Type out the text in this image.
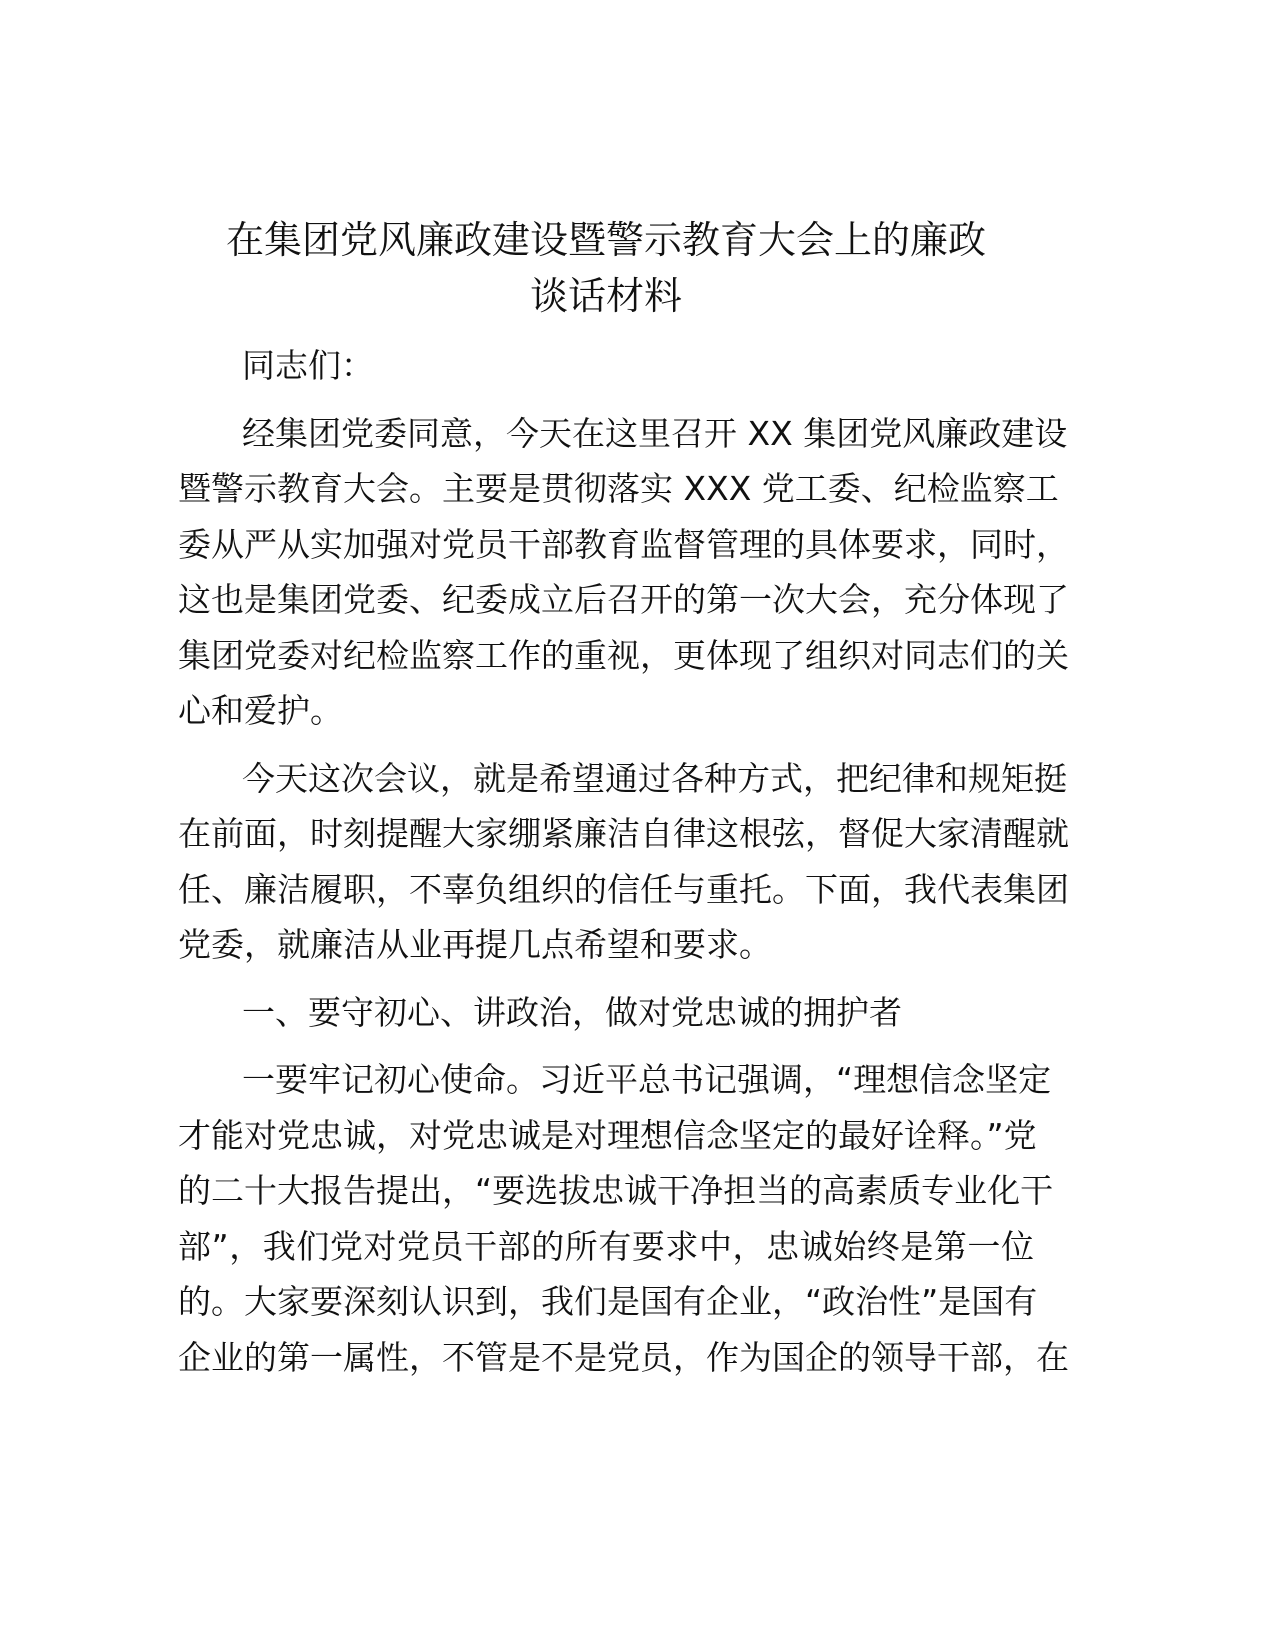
在集团党风廉政建设暨警示教育大会上的廉政
谈话材料
同志们：
经集团党委同意，今天在这里召开 XX 集团党风廉政建设
暨警示教育大会。主要是贯彻落实 XXX 党工委、纪检监察工
委从严从实加强对党员干部教育监督管理的具体要求，同时，
这也是集团党委、纪委成立后召开的第一次大会，充分体现了
集团党委对纪检监察工作的重视，更体现了组织对同志们的关
心和爱护。
今天这次会议，就是希望通过各种方式，把纪律和规矩挺
在前面，时刻提醒大家绷紧廉洁自律这根弦，督促大家清醒就
任、廉洁履职，不辜负组织的信任与重托。下面，我代表集团
党委，就廉洁从业再提几点希望和要求。
一、要守初心、讲政治，做对党忠诚的拥护者
一要牢记初心使命。习近平总书记强调，“理想信念坚定
才能对党忠诚，对党忠诚是对理想信念坚定的最好诠释。”党
的二十大报告提出，“要选拔忠诚干净担当的高素质专业化干
部”，我们党对党员干部的所有要求中，忠诚始终是第一位
的。大家要深刻认识到，我们是国有企业，“政治性”是国有
企业的第一属性，不管是不是党员，作为国企的领导干部，在
